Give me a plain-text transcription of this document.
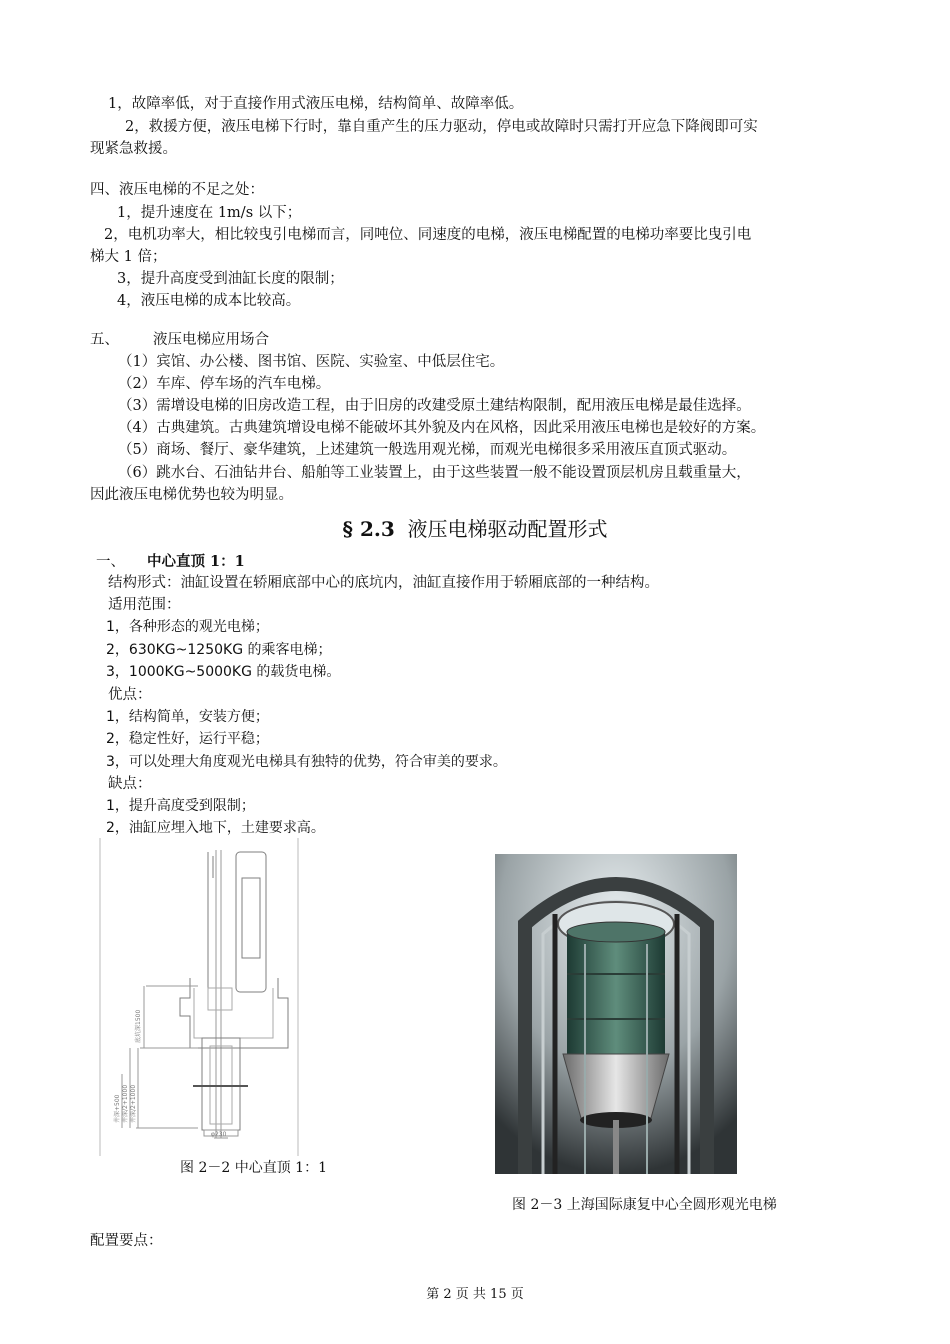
1，故障率低，对于直接作用式液压电梯，结构简单、故障率低。
2，救援方便，液压电梯下行时，靠自重产生的压力驱动，停电或故障时只需打开应急下降阀即可实
现紧急救援。
四、液压电梯的不足之处：
1，提升速度在 1m/s 以下；
2，电机功率大，相比较曳引电梯而言，同吨位、同速度的电梯，液压电梯配置的电梯功率要比曳引电
梯大 1 倍；
3，提升高度受到油缸长度的限制；
4，液压电梯的成本比较高。
五、 液压电梯应用场合
（1）宾馆、办公楼、图书馆、医院、实验室、中低层住宅。
（2）车库、停车场的汽车电梯。
（3）需增设电梯的旧房改造工程，由于旧房的改建受原土建结构限制，配用液压电梯是最佳选择。
（4）古典建筑。古典建筑增设电梯不能破坏其外貌及内在风格，因此采用液压电梯也是较好的方案。
（5）商场、餐厅、豪华建筑，上述建筑一般选用观光梯，而观光电梯很多采用液压直顶式驱动。
（6）跳水台、石油钻井台、船舶等工业装置上，由于这些装置一般不能设置顶层机房且载重量大，
因此液压电梯优势也较为明显。
§ 2.3 液压电梯驱动配置形式
一、 中心直顶 1：1
结构形式：油缸设置在轿厢底部中心的底坑内，油缸直接作用于轿厢底部的一种结构。
适用范围：
1，各种形态的观光电梯；
2，630KG~1250KG 的乘客电梯；
3，1000KG~5000KG 的载货电梯。
优点：
1，结构简单，安装方便；
2，稳定性好，运行平稳；
3，可以处理大角度观光电梯具有独特的优势，符合审美的要求。
缺点：
1，提升高度受到限制；
2，油缸应埋入地下，土建要求高。
底坑深1500
井深+500 井深/2+1000 井深/2+1000
φ230
图 2－2 中心直顶 1：1
图 2－3 上海国际康复中心全圆形观光电梯
配置要点：
第 2 页 共 15 页
